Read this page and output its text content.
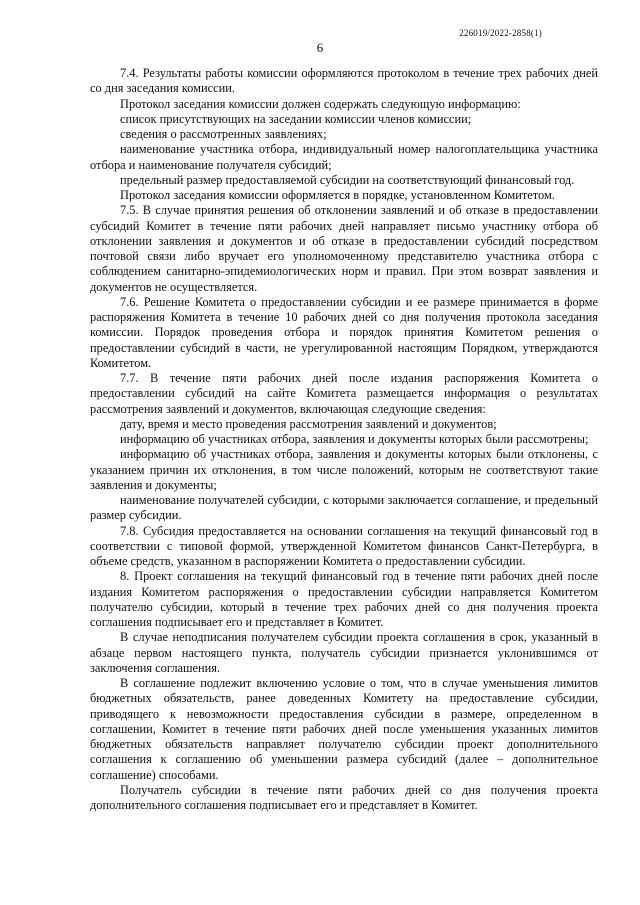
226019/2022-2858(1)
6

7.4. Результаты работы комиссии оформляются протоколом в течение трех рабочих дней со дня заседания комиссии.

Протокол заседания комиссии должен содержать следующую информацию:

список присутствующих на заседании комиссии членов комиссии;

сведения о рассмотренных заявлениях;

наименование участника отбора, индивидуальный номер налогоплательщика участника отбора и наименование получателя субсидий;

предельный размер предоставляемой субсидии на соответствующий финансовый год.

Протокол заседания комиссии оформляется в порядке, установленном Комитетом.

7.5. В случае принятия решения об отклонении заявлений и об отказе в предоставлении субсидий Комитет в течение пяти рабочих дней направляет письмо участнику отбора об отклонении заявления и документов и об отказе в предоставлении субсидий посредством почтовой связи либо вручает его уполномоченному представителю участника отбора с соблюдением санитарно-эпидемиологических норм и правил. При этом возврат заявления и документов не осуществляется.

7.6. Решение Комитета о предоставлении субсидии и ее размере принимается в форме распоряжения Комитета в течение 10 рабочих дней со дня получения протокола заседания комиссии. Порядок проведения отбора и порядок принятия Комитетом решения о предоставлении субсидий в части, не урегулированной настоящим Порядком, утверждаются Комитетом.

7.7. В течение пяти рабочих дней после издания распоряжения Комитета о предоставлении субсидий на сайте Комитета размещается информация о результатах рассмотрения заявлений и документов, включающая следующие сведения:

дату, время и место проведения рассмотрения заявлений и документов;

информацию об участниках отбора, заявления и документы которых были рассмотрены;

информацию об участниках отбора, заявления и документы которых были отклонены, с указанием причин их отклонения, в том числе положений, которым не соответствуют такие заявления и документы;

наименование получателей субсидии, с которыми заключается соглашение, и предельный размер субсидии.

7.8. Субсидия предоставляется на основании соглашения на текущий финансовый год в соответствии с типовой формой, утвержденной Комитетом финансов Санкт-Петербурга, в объеме средств, указанном в распоряжении Комитета о предоставлении субсидии.

8. Проект соглашения на текущий финансовый год в течение пяти рабочих дней после издания Комитетом распоряжения о предоставлении субсидии направляется Комитетом получателю субсидии, который в течение трех рабочих дней со дня получения проекта соглашения подписывает его и представляет в Комитет.

В случае неподписания получателем субсидии проекта соглашения в срок, указанный в абзаце первом настоящего пункта, получатель субсидии признается уклонившимся от заключения соглашения.

В соглашение подлежит включению условие о том, что в случае уменьшения лимитов бюджетных обязательств, ранее доведенных Комитету на предоставление субсидии, приводящего к невозможности предоставления субсидии в размере, определенном в соглашении, Комитет в течение пяти рабочих дней после уменьшения указанных лимитов бюджетных обязательств направляет получателю субсидии проект дополнительного соглашения к соглашению об уменьшении размера субсидий (далее – дополнительное соглашение) способами.

Получатель субсидии в течение пяти рабочих дней со дня получения проекта дополнительного соглашения подписывает его и представляет в Комитет.
